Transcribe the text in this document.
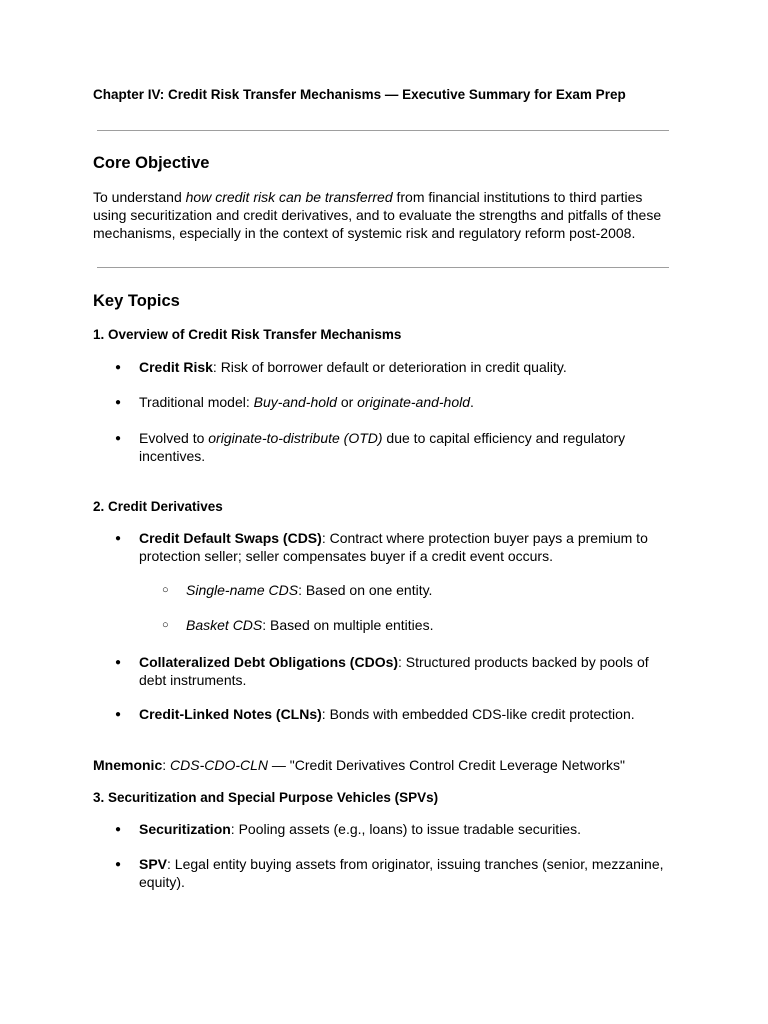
Chapter IV: Credit Risk Transfer Mechanisms — Executive Summary for Exam Prep
Core Objective
To understand how credit risk can be transferred from financial institutions to third parties using securitization and credit derivatives, and to evaluate the strengths and pitfalls of these mechanisms, especially in the context of systemic risk and regulatory reform post-2008.
Key Topics
1. Overview of Credit Risk Transfer Mechanisms
● Credit Risk: Risk of borrower default or deterioration in credit quality.
● Traditional model: Buy-and-hold or originate-and-hold.
● Evolved to originate-to-distribute (OTD) due to capital efficiency and regulatory incentives.
2. Credit Derivatives
● Credit Default Swaps (CDS): Contract where protection buyer pays a premium to protection seller; seller compensates buyer if a credit event occurs.
○ Single-name CDS: Based on one entity.
○ Basket CDS: Based on multiple entities.
● Collateralized Debt Obligations (CDOs): Structured products backed by pools of debt instruments.
● Credit-Linked Notes (CLNs): Bonds with embedded CDS-like credit protection.
Mnemonic: CDS-CDO-CLN — "Credit Derivatives Control Credit Leverage Networks"
3. Securitization and Special Purpose Vehicles (SPVs)
● Securitization: Pooling assets (e.g., loans) to issue tradable securities.
● SPV: Legal entity buying assets from originator, issuing tranches (senior, mezzanine, equity).
